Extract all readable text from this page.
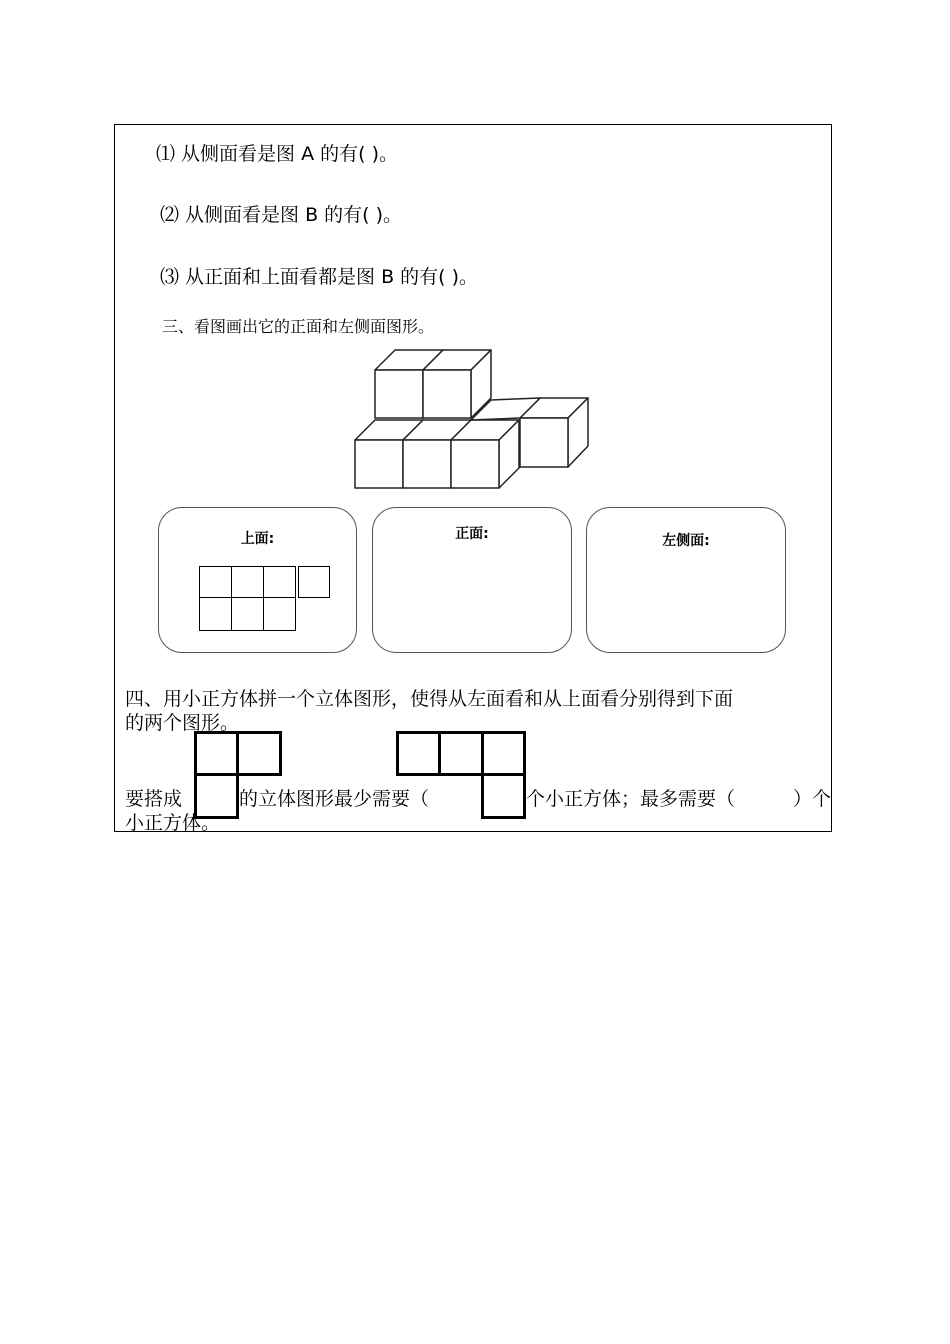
⑴ 从侧面看是图 A 的有( )。
⑵ 从侧面看是图 B 的有( )。
⑶ 从正面和上面看都是图 B 的有( )。
三、看图画出它的正面和左侧面图形。
上面:	正面:	左侧面:
四、用小正方体拼一个立体图形，使得从左面看和从上面看分别得到下面
的两个图形。
要搭成	的立体图形最少需要（	个小正方体；最多需要（	）个
小正方体。
